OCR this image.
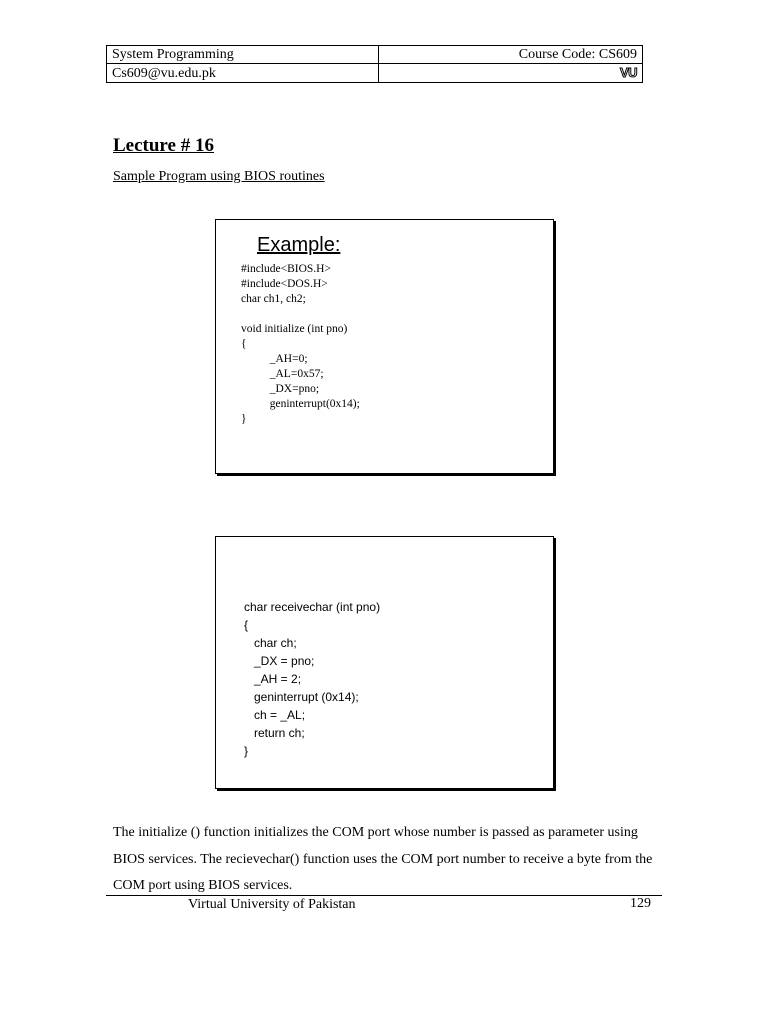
System Programming	Course Code: CS609
Cs609@vu.edu.pk	VU
Lecture # 16
Sample Program using BIOS routines
Example:
#include<BIOS.H>
#include<DOS.H>
char ch1, ch2;
void initialize (int pno)
{
_AH=0;
_AL=0x57;
_DX=pno;
geninterrupt(0x14);
}
char receivechar (int pno)
{
char ch;
_DX = pno;
_AH = 2;
geninterrupt (0x14);
ch = _AL;
return ch;
}

The initialize () function initializes the COM port whose number is passed as parameter using BIOS services. The recievechar() function uses the COM port number to receive a byte from the COM port using BIOS services.

Virtual University of Pakistan	129
